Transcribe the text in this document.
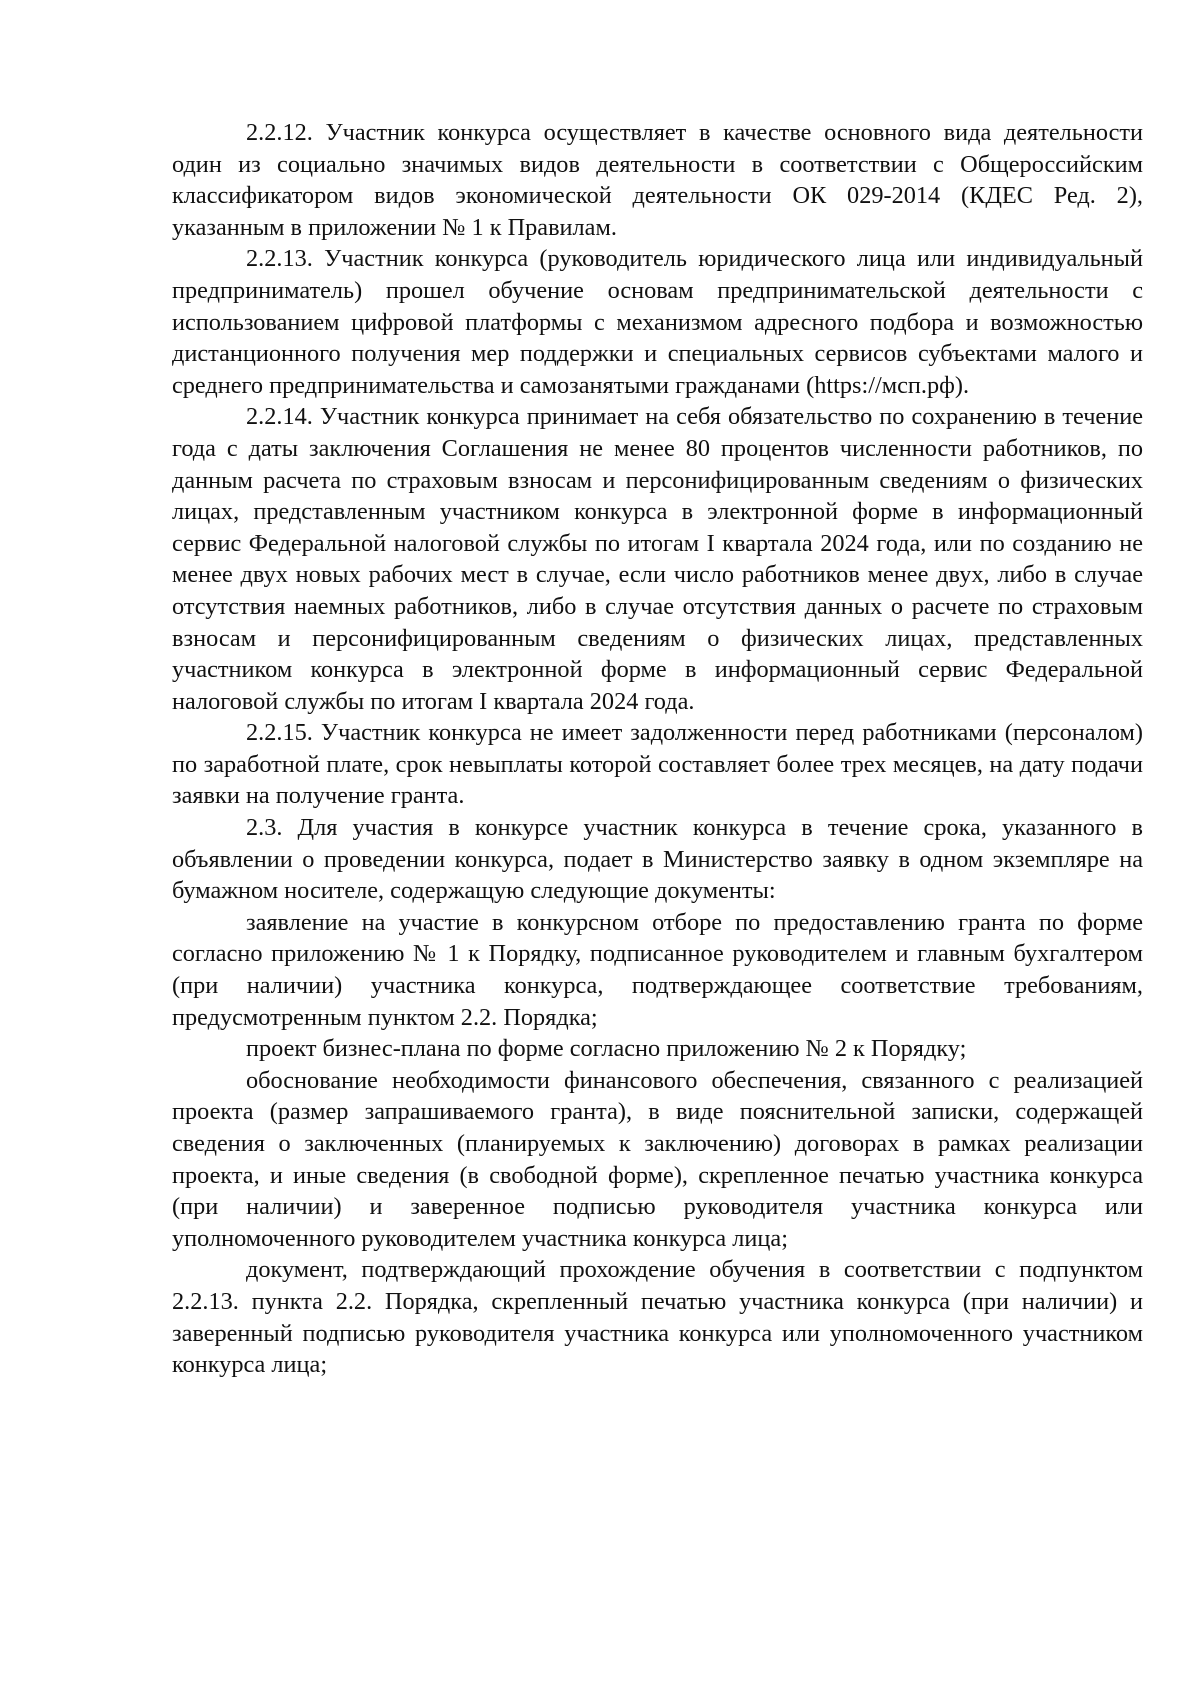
2.2.12. Участник конкурса осуществляет в качестве основного вида деятельности один из социально значимых видов деятельности в соответствии с Общероссийским классификатором видов экономической деятельности ОК 029-2014 (КДЕС Ред. 2), указанным в приложении № 1 к Правилам.

2.2.13. Участник конкурса (руководитель юридического лица или индивидуальный предприниматель) прошел обучение основам предпринимательской деятельности с использованием цифровой платформы с механизмом адресного подбора и возможностью дистанционного получения мер поддержки и специальных сервисов субъектами малого и среднего предпринимательства и самозанятыми гражданами (https://мсп.рф).

2.2.14. Участник конкурса принимает на себя обязательство по сохранению в течение года с даты заключения Соглашения не менее 80 процентов численности работников, по данным расчета по страховым взносам и персонифицированным сведениям о физических лицах, представленным участником конкурса в электронной форме в информационный сервис Федеральной налоговой службы по итогам I квартала 2024 года, или по созданию не менее двух новых рабочих мест в случае, если число работников менее двух, либо в случае отсутствия наемных работников, либо в случае отсутствия данных о расчете по страховым взносам и персонифицированным сведениям о физических лицах, представленных участником конкурса в электронной форме в информационный сервис Федеральной налоговой службы по итогам I квартала 2024 года.

2.2.15. Участник конкурса не имеет задолженности перед работниками (персоналом) по заработной плате, срок невыплаты которой составляет более трех месяцев, на дату подачи заявки на получение гранта.

2.3. Для участия в конкурсе участник конкурса в течение срока, указанного в объявлении о проведении конкурса, подает в Министерство заявку в одном экземпляре на бумажном носителе, содержащую следующие документы:

заявление на участие в конкурсном отборе по предоставлению гранта по форме согласно приложению № 1 к Порядку, подписанное руководителем и главным бухгалтером (при наличии) участника конкурса, подтверждающее соответствие требованиям, предусмотренным пунктом 2.2. Порядка;

проект бизнес-плана по форме согласно приложению № 2 к Порядку;

обоснование необходимости финансового обеспечения, связанного с реализацией проекта (размер запрашиваемого гранта), в виде пояснительной записки, содержащей сведения о заключенных (планируемых к заключению) договорах в рамках реализации проекта, и иные сведения (в свободной форме), скрепленное печатью участника конкурса (при наличии) и заверенное подписью руководителя участника конкурса или уполномоченного руководителем участника конкурса лица;

документ, подтверждающий прохождение обучения в соответствии с подпунктом 2.2.13. пункта 2.2. Порядка, скрепленный печатью участника конкурса (при наличии) и заверенный подписью руководителя участника конкурса или уполномоченного участником конкурса лица;
